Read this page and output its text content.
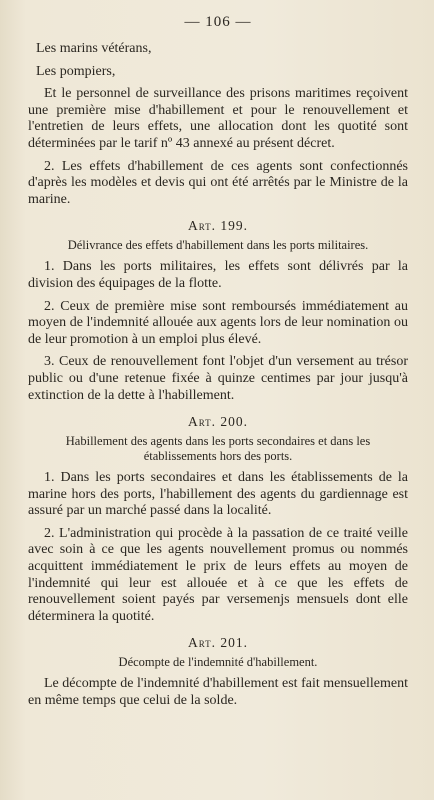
— 106 —

Les marins vétérans,

Les pompiers,

Et le personnel de surveillance des prisons maritimes reçoivent une première mise d'habillement et pour le renouvellement et l'entretien de leurs effets, une allocation dont les quotité sont déterminées par le tarif nº 43 annexé au présent décret.

2. Les effets d'habillement de ces agents sont confectionnés d'après les modèles et devis qui ont été arrêtés par le Ministre de la marine.

Art. 199.
Délivrance des effets d'habillement dans les ports militaires.

1. Dans les ports militaires, les effets sont délivrés par la division des équipages de la flotte.

2. Ceux de première mise sont remboursés immédiatement au moyen de l'indemnité allouée aux agents lors de leur nomination ou de leur promotion à un emploi plus élevé.

3. Ceux de renouvellement font l'objet d'un versement au trésor public ou d'une retenue fixée à quinze centimes par jour jusqu'à extinction de la dette à l'habillement.

Art. 200.
Habillement des agents dans les ports secondaires et dans les établissements hors des ports.

1. Dans les ports secondaires et dans les établissements de la marine hors des ports, l'habillement des agents du gardiennage est assuré par un marché passé dans la localité.

2. L'administration qui procède à la passation de ce traité veille avec soin à ce que les agents nouvellement promus ou nommés acquittent immédiatement le prix de leurs effets au moyen de l'indemnité qui leur est allouée et à ce que les effets de renouvellement soient payés par versemenjs mensuels dont elle déterminera la quotité.

Art. 201.
Décompte de l'indemnité d'habillement.

Le décompte de l'indemnité d'habillement est fait mensuellement en même temps que celui de la solde.
